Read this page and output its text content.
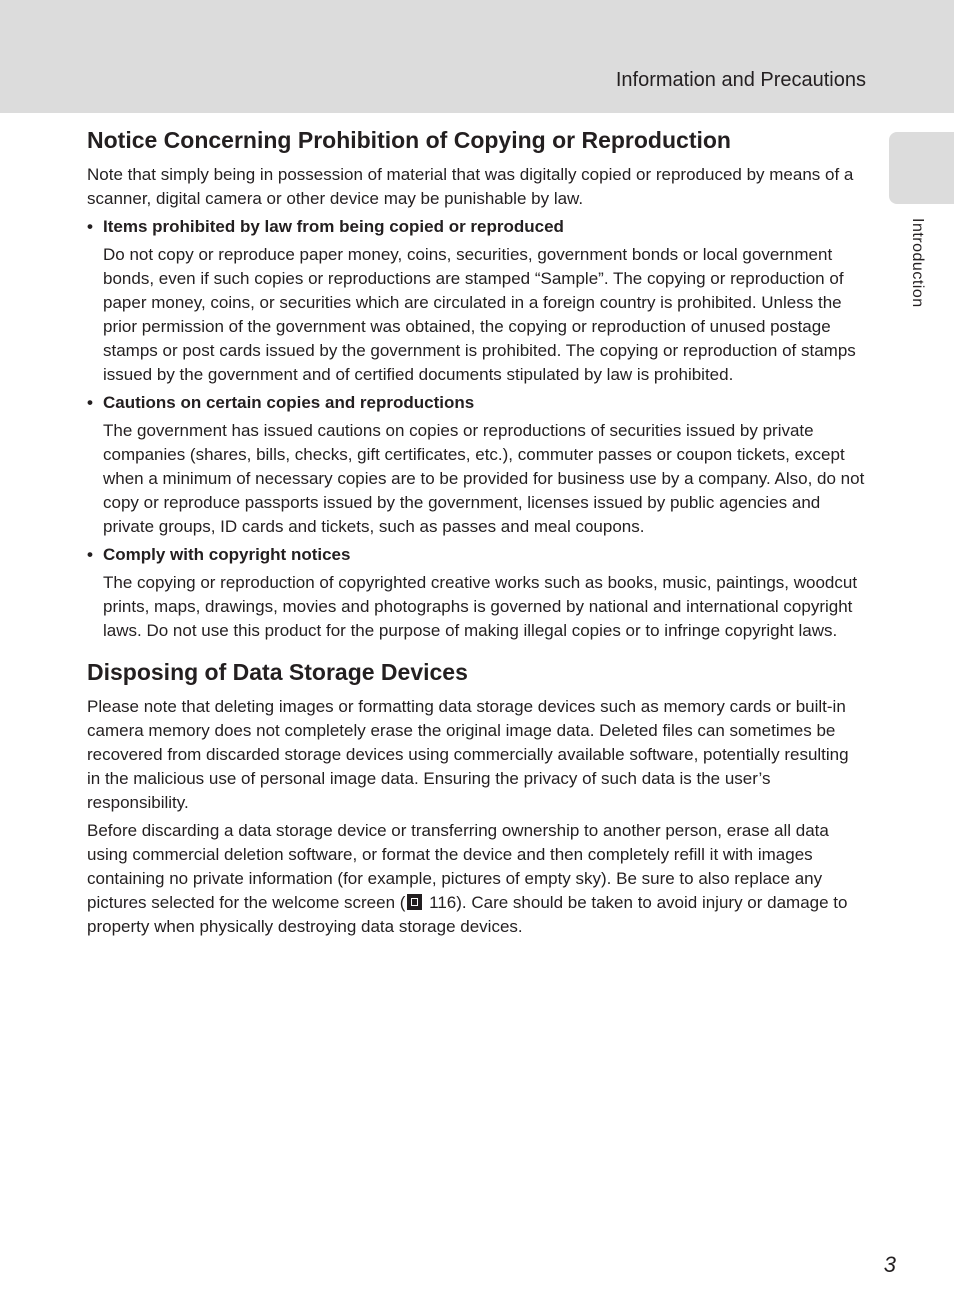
Information and Precautions
Introduction
Notice Concerning Prohibition of Copying or Reproduction

Note that simply being in possession of material that was digitally copied or reproduced by means of a scanner, digital camera or other device may be punishable by law.

• Items prohibited by law from being copied or reproduced

Do not copy or reproduce paper money, coins, securities, government bonds or local government bonds, even if such copies or reproductions are stamped “Sample”. The copying or reproduction of paper money, coins, or securities which are circulated in a foreign country is prohibited. Unless the prior permission of the government was obtained, the copying or reproduction of unused postage stamps or post cards issued by the government is prohibited. The copying or reproduction of stamps issued by the government and of certified documents stipulated by law is prohibited.

• Cautions on certain copies and reproductions

The government has issued cautions on copies or reproductions of securities issued by private companies (shares, bills, checks, gift certificates, etc.), commuter passes or coupon tickets, except when a minimum of necessary copies are to be provided for business use by a company. Also, do not copy or reproduce passports issued by the government, licenses issued by public agencies and private groups, ID cards and tickets, such as passes and meal coupons.

• Comply with copyright notices

The copying or reproduction of copyrighted creative works such as books, music, paintings, woodcut prints, maps, drawings, movies and photographs is governed by national and international copyright laws. Do not use this product for the purpose of making illegal copies or to infringe copyright laws.

Disposing of Data Storage Devices

Please note that deleting images or formatting data storage devices such as memory cards or built-in camera memory does not completely erase the original image data. Deleted files can sometimes be recovered from discarded storage devices using commercially available software, potentially resulting in the malicious use of personal image data. Ensuring the privacy of such data is the user’s responsibility.

Before discarding a data storage device or transferring ownership to another person, erase all data using commercial deletion software, or format the device and then completely refill it with images containing no private information (for example, pictures of empty sky). Be sure to also replace any pictures selected for the welcome screen ( 116). Care should be taken to avoid injury or damage to property when physically destroying data storage devices.

3
